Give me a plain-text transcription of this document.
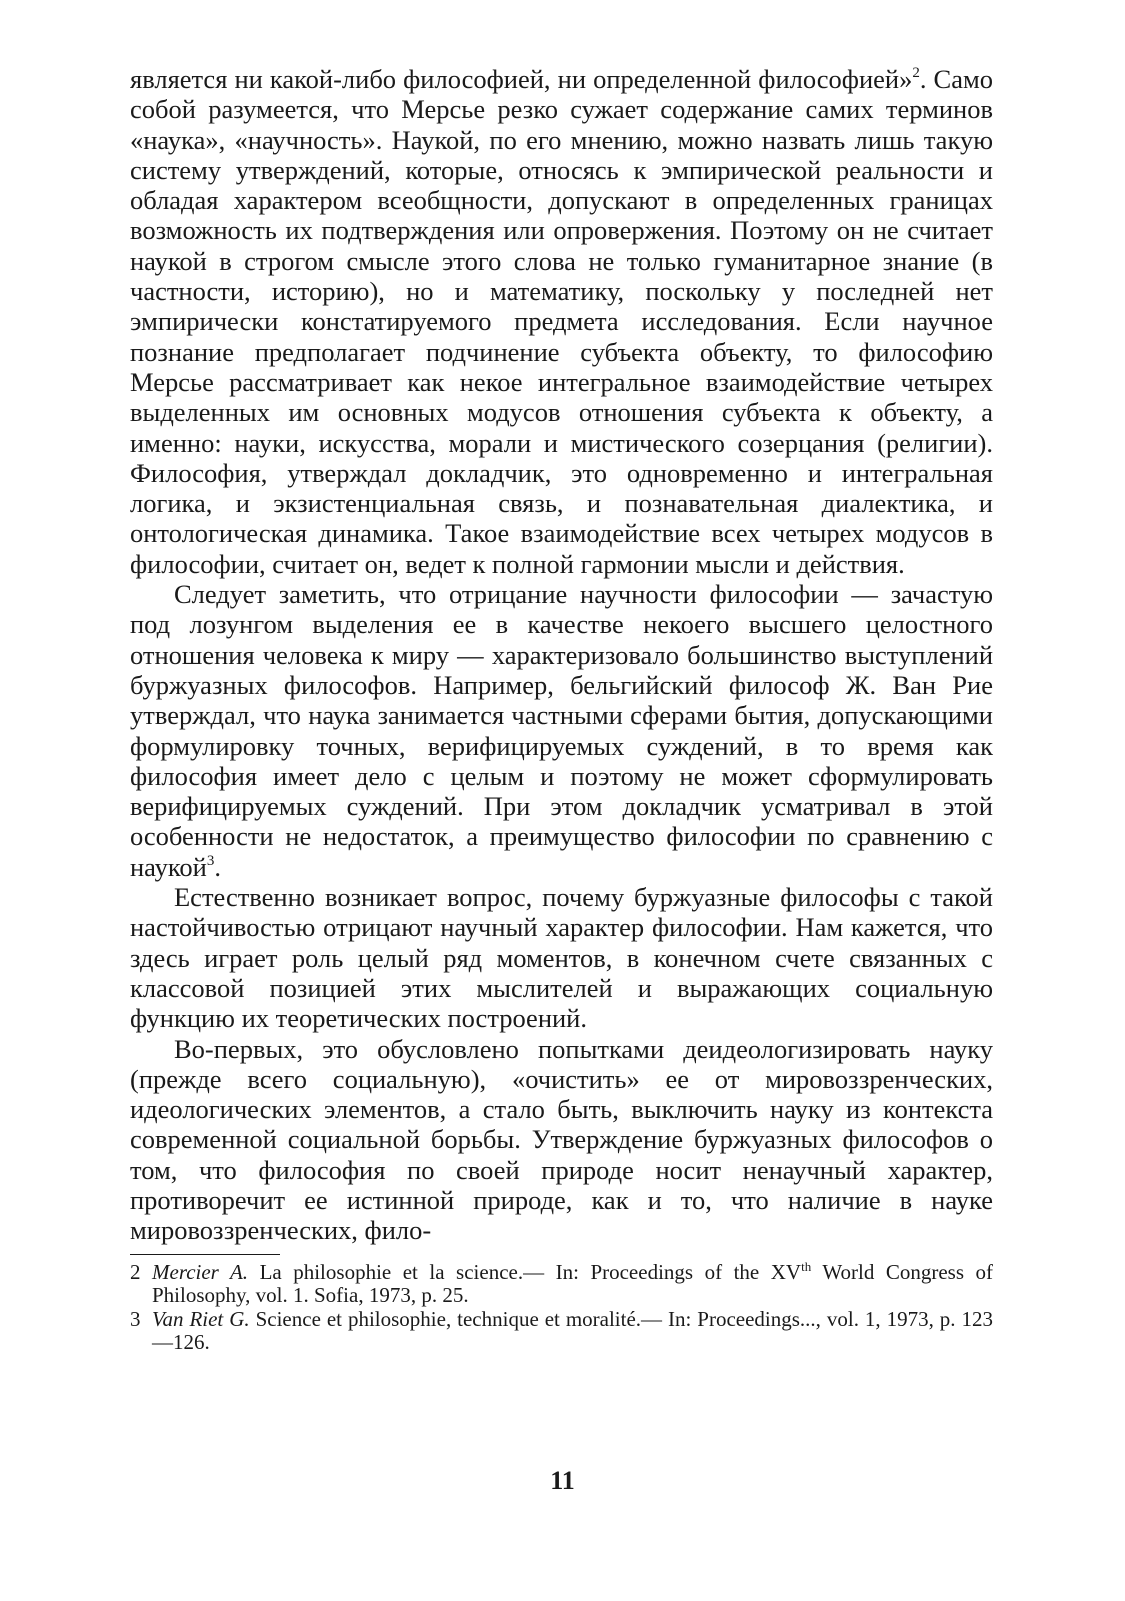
является ни какой-либо философией, ни определенной философией»$^2$. Само собой разумеется, что Мерсье резко сужает содержание самих терминов «наука», «научность». Наукой, по его мнению, можно назвать лишь такую систему утверждений, которые, относясь к эмпирической реальности и обладая характером всеобщности, допускают в определенных границах возможность их подтверждения или опровержения. Поэтому он не считает наукой в строгом смысле этого слова не только гуманитарное знание (в частности, историю), но и математику, поскольку у последней нет эмпирически констатируемого предмета исследования. Если научное познание предполагает подчинение субъекта объекту, то философию Мерсье рассматривает как некое интегральное взаимодействие четырех выделенных им основных модусов отношения субъекта к объекту, а именно: науки, искусства, морали и мистического созерцания (религии). Философия, утверждал докладчик, это одновременно и интегральная логика, и экзистенциальная связь, и познавательная диалектика, и онтологическая динамика. Такое взаимодействие всех четырех модусов в философии, считает он, ведет к полной гармонии мысли и действия.

Следует заметить, что отрицание научности философии — зачастую под лозунгом выделения ее в качестве некоего высшего целостного отношения человека к миру — характеризовало большинство выступлений буржуазных философов. Например, бельгийский философ Ж. Ван Рие утверждал, что наука занимается частными сферами бытия, допускающими формулировку точных, верифицируемых суждений, в то время как философия имеет дело с целым и поэтому не может сформулировать верифицируемых суждений. При этом докладчик усматривал в этой особенности не недостаток, а преимущество философии по сравнению с наукой$^3$.

Естественно возникает вопрос, почему буржуазные философы с такой настойчивостью отрицают научный характер философии. Нам кажется, что здесь играет роль целый ряд моментов, в конечном счете связанных с классовой позицией этих мыслителей и выражающих социальную функцию их теоретических построений.

Во-первых, это обусловлено попытками деидеологизировать науку (прежде всего социальную), «очистить» ее от мировоззренческих, идеологических элементов, а стало быть, выключить науку из контекста современной социальной борьбы. Утверждение буржуазных философов о том, что философия по своей природе носит ненаучный характер, противоречит ее истинной природе, как и то, что наличие в науке мировоззренческих, фило-

2 Mercier A. La philosophie et la science.— In: Proceedings of the XVth World Congress of Philosophy, vol. 1. Sofia, 1973, p. 25.

3 Van Riet G. Science et philosophie, technique et moralité.— In: Proceedings..., vol. 1, 1973, p. 123—126.

11
